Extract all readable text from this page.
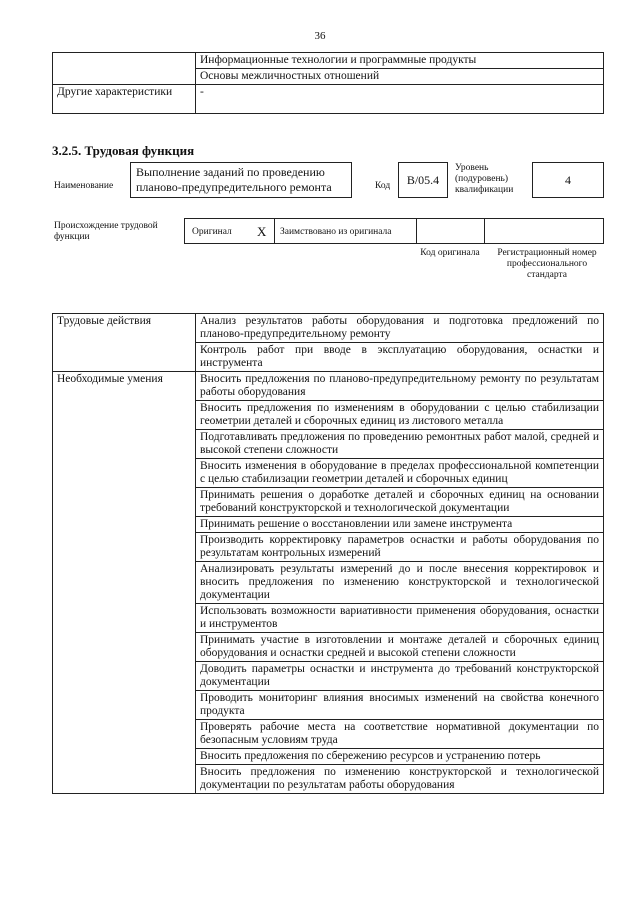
36
	Информационные технологии и программные продукты
	Основы межличностных отношений
Другие характеристики	-
3.2.5. Трудовая функция
Наименование
Выполнение заданий по проведению планово-предупредительного ремонта	Код	B/05.4
Уровень (подуровень) квалификации
4
Происхождение трудовой функции	Оригинал X Заимствовано из оригинала
Код оригинала	Регистрационный номер профессионального стандарта
Трудовые действия	Анализ результатов работы оборудования и подготовка предложений по планово-предупредительному ремонту
	Контроль работ при вводе в эксплуатацию оборудования, оснастки и инструмента
Необходимые умения	Вносить предложения по планово-предупредительному ремонту по результатам работы оборудования
	Вносить предложения по изменениям в оборудовании с целью стабилизации геометрии деталей и сборочных единиц из листового металла
	Подготавливать предложения по проведению ремонтных работ малой, средней и высокой степени сложности
	Вносить изменения в оборудование в пределах профессиональной компетенции с целью стабилизации геометрии деталей и сборочных единиц
	Принимать решения о доработке деталей и сборочных единиц на основании требований конструкторской и технологической документации
	Принимать решение о восстановлении или замене инструмента
	Производить корректировку параметров оснастки и работы оборудования по результатам контрольных измерений
	Анализировать результаты измерений до и после внесения корректировок и вносить предложения по изменению конструкторской и технологической документации
	Использовать возможности вариативности применения оборудования, оснастки и инструментов
	Принимать участие в изготовлении и монтаже деталей и сборочных единиц оборудования и оснастки средней и высокой степени сложности
	Доводить параметры оснастки и инструмента до требований конструкторской документации
	Проводить мониторинг влияния вносимых изменений на свойства конечного продукта
	Проверять рабочие места на соответствие нормативной документации по безопасным условиям труда
	Вносить предложения по сбережению ресурсов и устранению потерь
	Вносить предложения по изменению конструкторской и технологической документации по результатам работы оборудования
